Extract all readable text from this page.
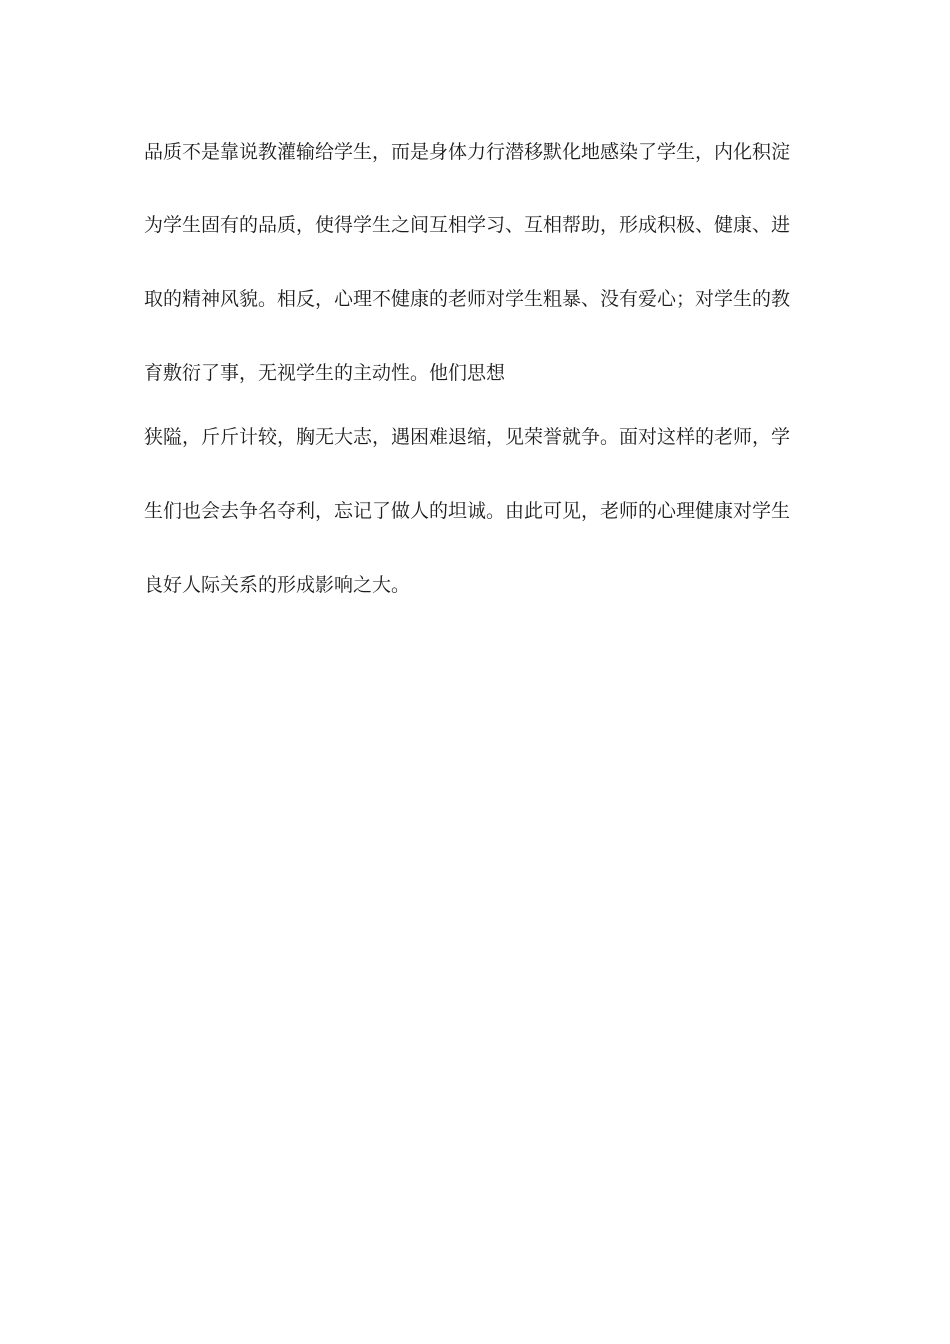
品质不是靠说教灌输给学生，而是身体力行潜移默化地感染了学生，内化积淀
为学生固有的品质，使得学生之间互相学习、互相帮助，形成积极、健康、进
取的精神风貌。相反，心理不健康的老师对学生粗暴、没有爱心；对学生的教
育敷衍了事，无视学生的主动性。他们思想
狭隘，斤斤计较，胸无大志，遇困难退缩，见荣誉就争。面对这样的老师，学
生们也会去争名夺利，忘记了做人的坦诚。由此可见，老师的心理健康对学生
良好人际关系的形成影响之大。
